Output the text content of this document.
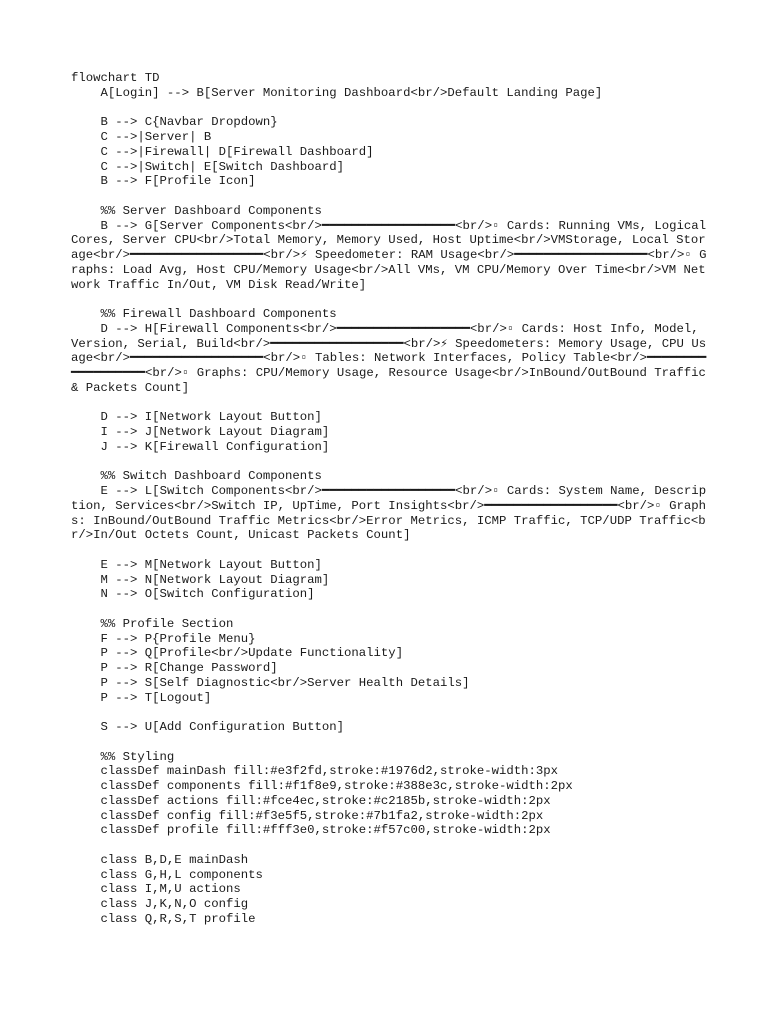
flowchart TD
A[Login] --> B[Server Monitoring Dashboard<br/>Default Landing Page]
B --> C{Navbar Dropdown}
C -->|Server| B
C -->|Firewall| D[Firewall Dashboard]
C -->|Switch| E[Switch Dashboard]
B --> F[Profile Icon]
%% Server Dashboard Components
B --> G[Server Components<br/>━━━━━━━━━━━━━━━━━━<br/>▫ Cards: Running VMs, Logical Cores, Server CPU<br/>Total Memory, Memory Used, Host Uptime<br/>VMStorage, Local Storage<br/>━━━━━━━━━━━━━━━━━━<br/>⚡ Speedometer: RAM Usage<br/>━━━━━━━━━━━━━━━━━━<br/>▫ Graphs: Load Avg, Host CPU/Memory Usage<br/>All VMs, VM CPU/Memory Over Time<br/>VM Network Traffic In/Out, VM Disk Read/Write]
%% Firewall Dashboard Components
D --> H[Firewall Components<br/>━━━━━━━━━━━━━━━━━━<br/>▫ Cards: Host Info, Model, Version, Serial, Build<br/>━━━━━━━━━━━━━━━━━━<br/>⚡ Speedometers: Memory Usage, CPU Usage<br/>━━━━━━━━━━━━━━━━━━<br/>▫ Tables: Network Interfaces, Policy Table<br/>━━━━━━━━━━━━━━━━━━<br/>▫ Graphs: CPU/Memory Usage, Resource Usage<br/>InBound/OutBound Traffic & Packets Count]
D --> I[Network Layout Button]
I --> J[Network Layout Diagram]
J --> K[Firewall Configuration]
%% Switch Dashboard Components
E --> L[Switch Components<br/>━━━━━━━━━━━━━━━━━━<br/>▫ Cards: System Name, Description, Services<br/>Switch IP, UpTime, Port Insights<br/>━━━━━━━━━━━━━━━━━━<br/>▫ Graphs: InBound/OutBound Traffic Metrics<br/>Error Metrics, ICMP Traffic, TCP/UDP Traffic<br/>In/Out Octets Count, Unicast Packets Count]
E --> M[Network Layout Button]
M --> N[Network Layout Diagram]
N --> O[Switch Configuration]
%% Profile Section
F --> P{Profile Menu}
P --> Q[Profile<br/>Update Functionality]
P --> R[Change Password]
P --> S[Self Diagnostic<br/>Server Health Details]
P --> T[Logout]
S --> U[Add Configuration Button]
%% Styling
classDef mainDash fill:#e3f2fd,stroke:#1976d2,stroke-width:3px
classDef components fill:#f1f8e9,stroke:#388e3c,stroke-width:2px
classDef actions fill:#fce4ec,stroke:#c2185b,stroke-width:2px
classDef config fill:#f3e5f5,stroke:#7b1fa2,stroke-width:2px
classDef profile fill:#fff3e0,stroke:#f57c00,stroke-width:2px
class B,D,E mainDash
class G,H,L components
class I,M,U actions
class J,K,N,O config
class Q,R,S,T profile
